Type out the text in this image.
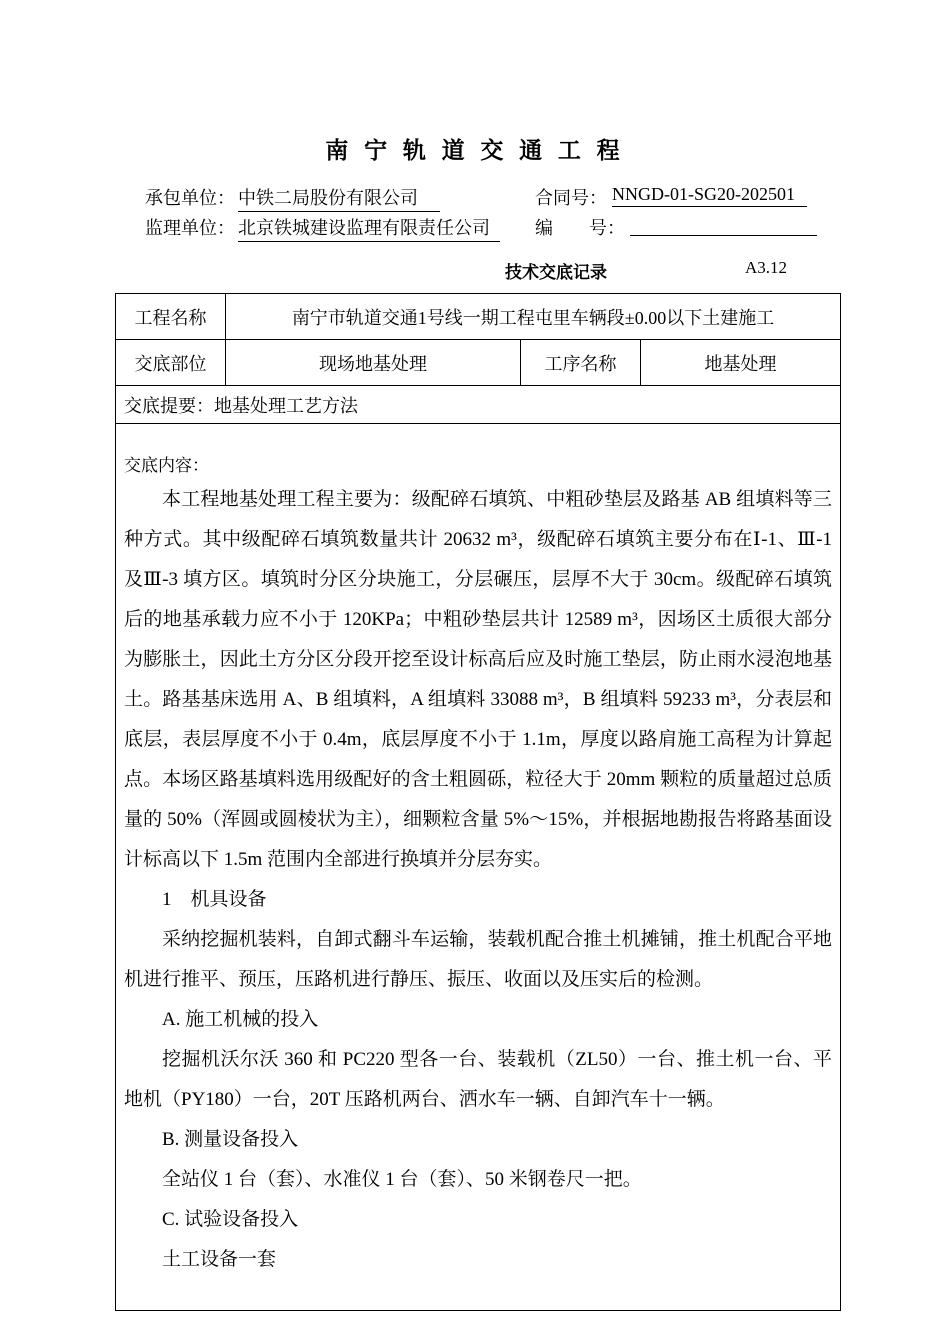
南 宁 轨 道 交 通 工 程
承包单位： 中铁二局股份有限公司	合同号： NNGD-01-SG20-202501
监理单位： 北京铁城建设监理有限责任公司	编　　号：
技术交底记录	A3.12
工程名称	南宁市轨道交通1号线一期工程屯里车辆段±0.00以下土建施工		
交底部位	现场地基处理	工序名称	地基处理
交底提要：地基处理工艺方法			

交底内容：

本工程地基处理工程主要为：级配碎石填筑、中粗砂垫层及路基 AB 组填料等三种方式。其中级配碎石填筑数量共计 20632 m³，级配碎石填筑主要分布在Ⅰ-1、Ⅲ-1 及Ⅲ-3 填方区。填筑时分区分块施工，分层碾压，层厚不大于 30cm。级配碎石填筑后的地基承载力应不小于 120KPa；中粗砂垫层共计 12589 m³，因场区土质很大部分为膨胀土，因此土方分区分段开挖至设计标高后应及时施工垫层，防止雨水浸泡地基土。路基基床选用 A、B 组填料，A 组填料 33088 m³，B 组填料 59233 m³，分表层和底层，表层厚度不小于 0.4m，底层厚度不小于 1.1m，厚度以路肩施工高程为计算起点。本场区路基填料选用级配好的含土粗圆砾，粒径大于 20mm 颗粒的质量超过总质量的 50%（浑圆或圆棱状为主），细颗粒含量 5%～15%，并根据地勘报告将路基面设计标高以下 1.5m 范围内全部进行换填并分层夯实。

1　机具设备

采纳挖掘机装料，自卸式翻斗车运输，装载机配合推土机摊铺，推土机配合平地机进行推平、预压，压路机进行静压、振压、收面以及压实后的检测。

A. 施工机械的投入

挖掘机沃尔沃 360 和 PC220 型各一台、装载机（ZL50）一台、推土机一台、平地机（PY180）一台，20T 压路机两台、洒水车一辆、自卸汽车十一辆。

B. 测量设备投入

全站仪 1 台（套）、水准仪 1 台（套）、50 米钢卷尺一把。

C. 试验设备投入

土工设备一套
